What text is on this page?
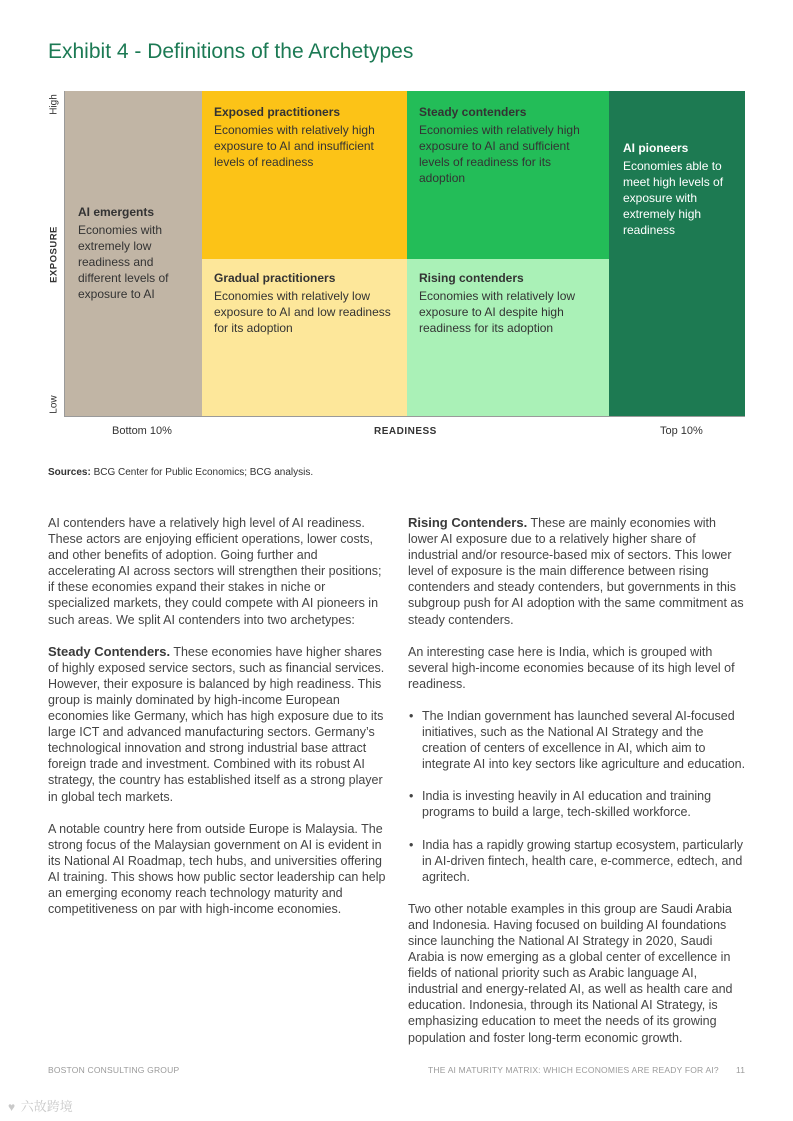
Exhibit 4 - Definitions of the Archetypes
AI emergents
Economies with extremely low readiness and different levels of exposure to AI
Exposed practitioners
Economies with relatively high exposure to AI and insufficient levels of readiness
Gradual practitioners
Economies with relatively low exposure to AI and low readiness for its adoption
Steady contenders
Economies with relatively high exposure to AI and sufficient levels of readiness for its adoption
Rising contenders
Economies with relatively low exposure to AI despite high readiness for its adoption
AI pioneers
Economies able to meet high levels of exposure with extremely high readiness
High
EXPOSURE
Low
Bottom 10%	READINESS	Top 10%
Sources: BCG Center for Public Economics; BCG analysis.

AI contenders have a relatively high level of AI readiness. These actors are enjoying efficient operations, lower costs, and other benefits of adoption. Going further and accelerating AI across sectors will strengthen their positions; if these economies expand their stakes in niche or specialized markets, they could compete with AI pioneers in such areas. We split AI contenders into two archetypes:

Steady Contenders. These economies have higher shares of highly exposed service sectors, such as financial services. However, their exposure is balanced by high readiness. This group is mainly dominated by high-income European economies like Germany, which has high exposure due to its large ICT and advanced manufacturing sectors. Germany’s technological innovation and strong industrial base attract foreign trade and investment. Combined with its robust AI strategy, the country has established itself as a strong player in global tech markets.

A notable country here from outside Europe is Malaysia. The strong focus of the Malaysian government on AI is evident in its National AI Roadmap, tech hubs, and universities offering AI training. This shows how public sector leadership can help an emerging economy reach technology maturity and competitiveness on par with high-income economies.

Rising Contenders. These are mainly economies with lower AI exposure due to a relatively higher share of industrial and/or resource-based mix of sectors. This lower level of exposure is the main difference between rising contenders and steady contenders, but governments in this subgroup push for AI adoption with the same commitment as steady contenders.

An interesting case here is India, which is grouped with several high-income economies because of its high level of readiness.

• The Indian government has launched several AI-focused initiatives, such as the National AI Strategy and the creation of centers of excellence in AI, which aim to integrate AI into key sectors like agriculture and education.
• India is investing heavily in AI education and training programs to build a large, tech-skilled workforce.
• India has a rapidly growing startup ecosystem, particularly in AI-driven fintech, health care, e-commerce, edtech, and agritech.

Two other notable examples in this group are Saudi Arabia and Indonesia. Having focused on building AI foundations since launching the National AI Strategy in 2020, Saudi Arabia is now emerging as a global center of excellence in fields of national priority such as Arabic language AI, industrial and energy-related AI, as well as health care and education. Indonesia, through its National AI Strategy, is emphasizing education to meet the needs of its growing population and foster long-term economic growth.

BOSTON CONSULTING GROUP	THE AI MATURITY MATRIX: WHICH ECONOMIES ARE READY FOR AI? 11
♥ 六故跨境
